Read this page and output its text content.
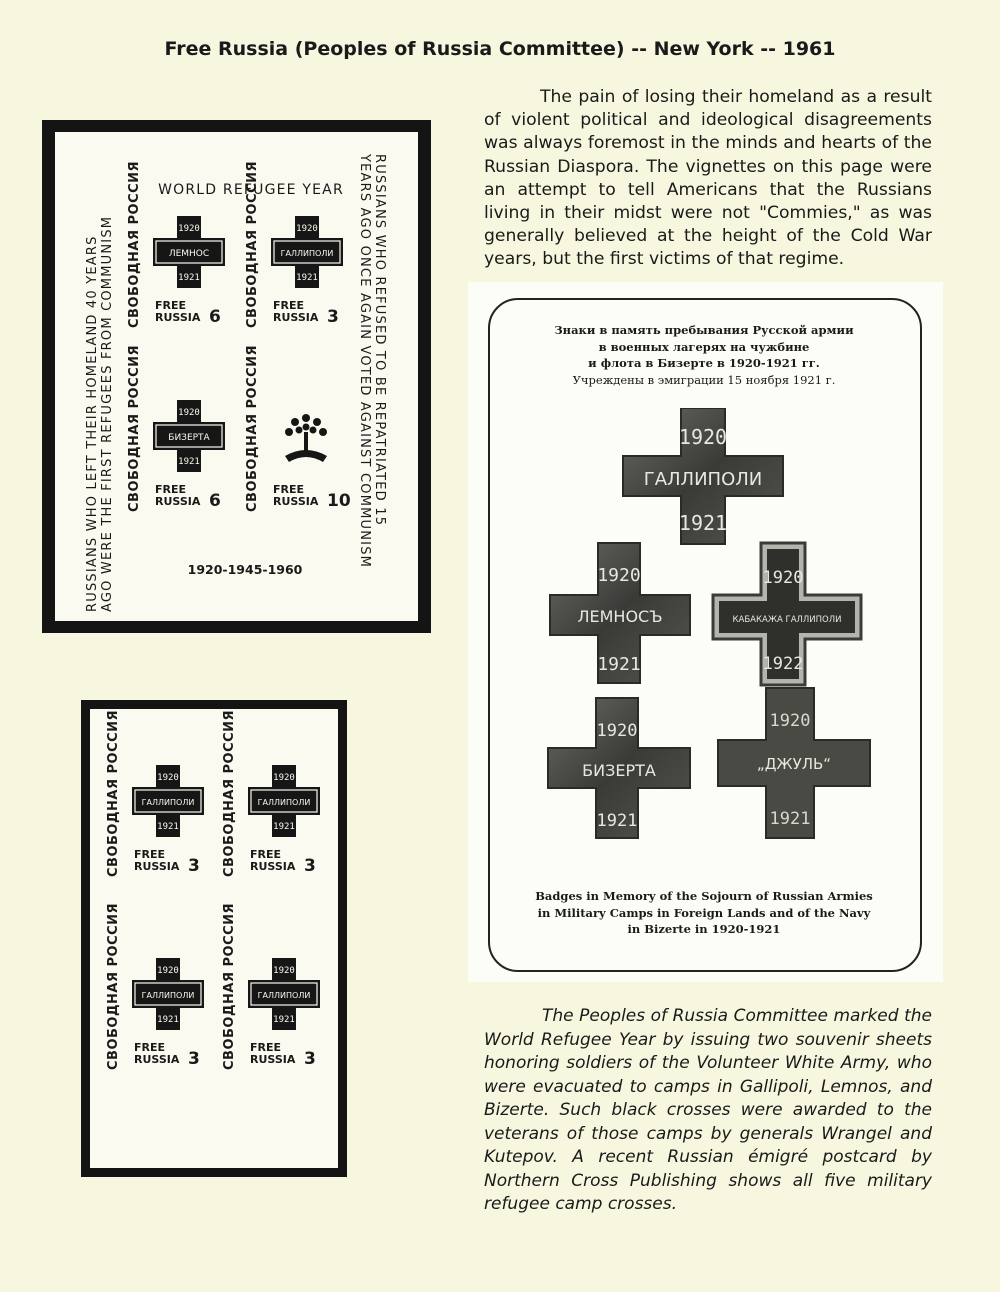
Free Russia (Peoples of Russia Committee) -- New York -- 1961
The pain of losing their homeland as a result of violent political and ideological disagreements was always foremost in the minds and hearts of the Russian Diaspora. The vignettes on this page were an attempt to tell Americans that the Russians living in their midst were not "Commies," as was generally believed at the height of the Cold War years, but the first victims of that regime.
RUSSIANS WHO LEFT THEIR HOMELAND 40 YEARS AGO WERE THE FIRST REFUGEES FROM COMMUNISM	RUSSIANS WHO REFUSED TO BE REPATRIATED 15
YEARS AGO ONCE AGAIN VOTED AGAINST COMMUNISM
WORLD REFUGEE YEAR
СВОБОДНАЯ РОССИЯ	1920
ЛЕМНОС
1921
FREE
RUSSIA 6 СВОБОДНАЯ РОССИЯ	1920
ГАЛЛИПОЛИ
1921
FREE
RUSSIA 3
СВОБОДНАЯ РОССИЯ	1920
БИЗЕРТА
1921
FREE
RUSSIA 6 СВОБОДНАЯ РОССИЯ FREE
RUSSIA 10
1920-1945-1960
СВОБОДНАЯ РОССИЯ	1920
ГАЛЛИПОЛИ
1921
FREE
RUSSIA 3 СВОБОДНАЯ РОССИЯ	1920
ГАЛЛИПОЛИ
1921
FREE
RUSSIA 3
СВОБОДНАЯ РОССИЯ	1920
ГАЛЛИПОЛИ
1921
FREE
RUSSIA 3 СВОБОДНАЯ РОССИЯ	1920
ГАЛЛИПОЛИ
1921
FREE
RUSSIA 3
Знаки в память пребывания Русской армии
в военных лагерях на чужбине
и флота в Бизерте в 1920-1921 гг.
Учреждены в эмиграции 15 ноября 1921 г.
1920
ГАЛЛИПОЛИ
1921
1920
ЛЕМНОСЪ
1921
1920
КАБАКАЖА ГАЛЛИПОЛИ
1922
1920
БИЗЕРТА
1921
1920
„ДЖУЛЬ“
1921
Badges in Memory of the Sojourn of Russian Armies
in Military Camps in Foreign Lands and of the Navy
in Bizerte in 1920-1921
The Peoples of Russia Committee marked the World Refugee Year by issuing two souvenir sheets honoring soldiers of the Volunteer White Army, who were evacuated to camps in Gallipoli, Lemnos, and Bizerte. Such black crosses were awarded to the veterans of those camps by generals Wrangel and Kutepov. A recent Russian émigré postcard by Northern Cross Publishing shows all five military refugee camp crosses.
